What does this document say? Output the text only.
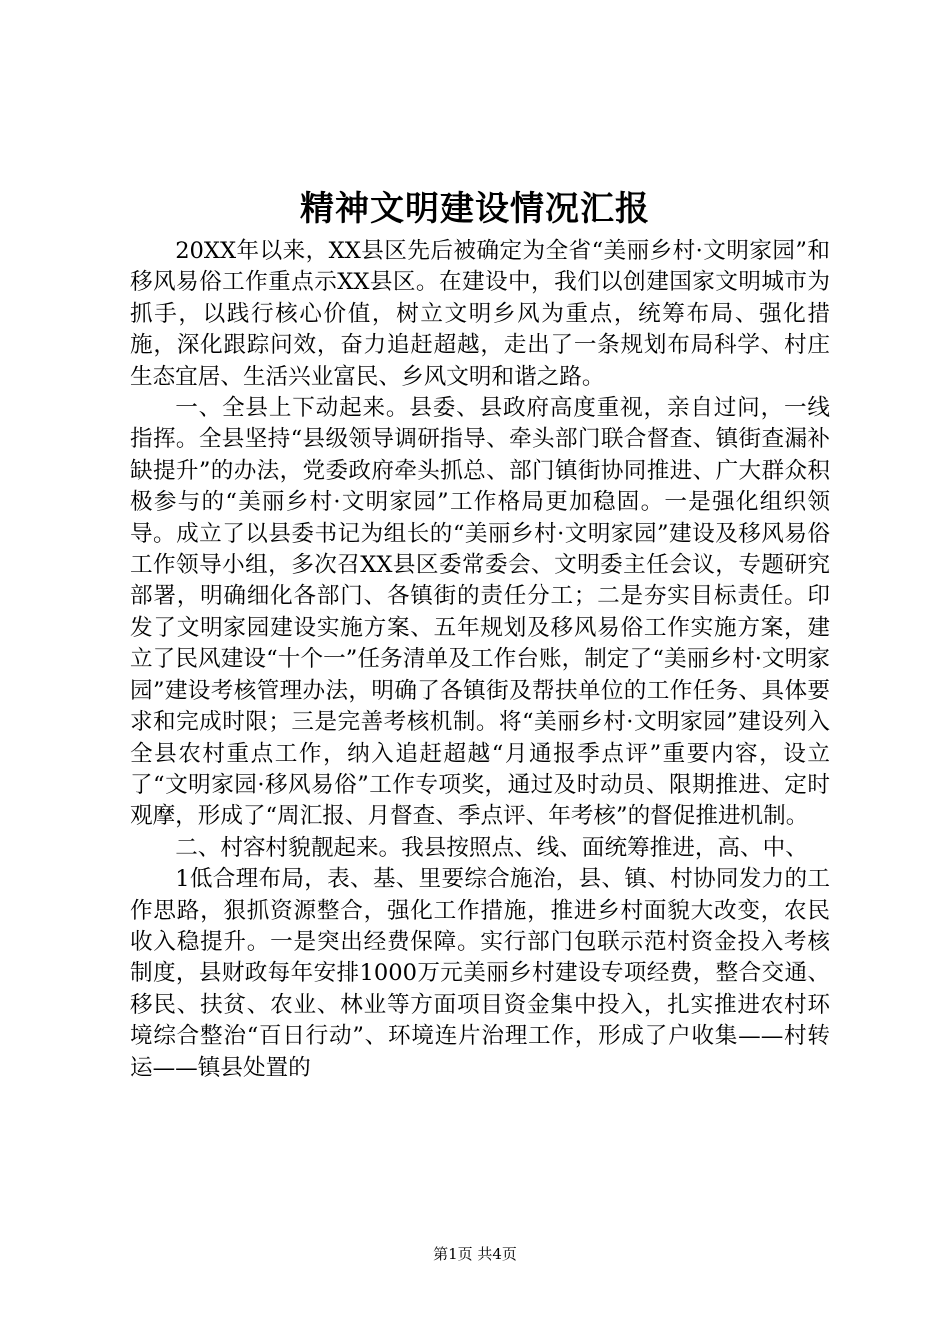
精神文明建设情况汇报

20XX年以来，XX县区先后被确定为全省“美丽乡村·文明家园”和移风易俗工作重点示XX县区。在建设中，我们以创建国家文明城市为抓手，以践行核心价值，树立文明乡风为重点，统筹布局、强化措施，深化跟踪问效，奋力追赶超越，走出了一条规划布局科学、村庄生态宜居、生活兴业富民、乡风文明和谐之路。

一、全县上下动起来。县委、县政府高度重视，亲自过问，一线指挥。全县坚持“县级领导调研指导、牵头部门联合督查、镇街查漏补缺提升”的办法，党委政府牵头抓总、部门镇街协同推进、广大群众积极参与的“美丽乡村·文明家园”工作格局更加稳固。一是强化组织领导。成立了以县委书记为组长的“美丽乡村·文明家园”建设及移风易俗工作领导小组，多次召XX县区委常委会、文明委主任会议，专题研究部署，明确细化各部门、各镇街的责任分工；二是夯实目标责任。印发了文明家园建设实施方案、五年规划及移风易俗工作实施方案，建立了民风建设“十个一”任务清单及工作台账，制定了“美丽乡村·文明家园”建设考核管理办法，明确了各镇街及帮扶单位的工作任务、具体要求和完成时限；三是完善考核机制。将“美丽乡村·文明家园”建设列入全县农村重点工作，纳入追赶超越“月通报季点评”重要内容，设立了“文明家园·移风易俗”工作专项奖，通过及时动员、限期推进、定时观摩，形成了“周汇报、月督查、季点评、年考核”的督促推进机制。

二、村容村貌靓起来。我县按照点、线、面统筹推进，高、中、

1低合理布局，表、基、里要综合施治，县、镇、村协同发力的工作思路，狠抓资源整合，强化工作措施，推进乡村面貌大改变，农民收入稳提升。一是突出经费保障。实行部门包联示范村资金投入考核制度，县财政每年安排1000万元美丽乡村建设专项经费，整合交通、移民、扶贫、农业、林业等方面项目资金集中投入，扎实推进农村环境综合整治“百日行动”、环境连片治理工作，形成了户收集——村转运——镇县处置的

第1页 共4页
